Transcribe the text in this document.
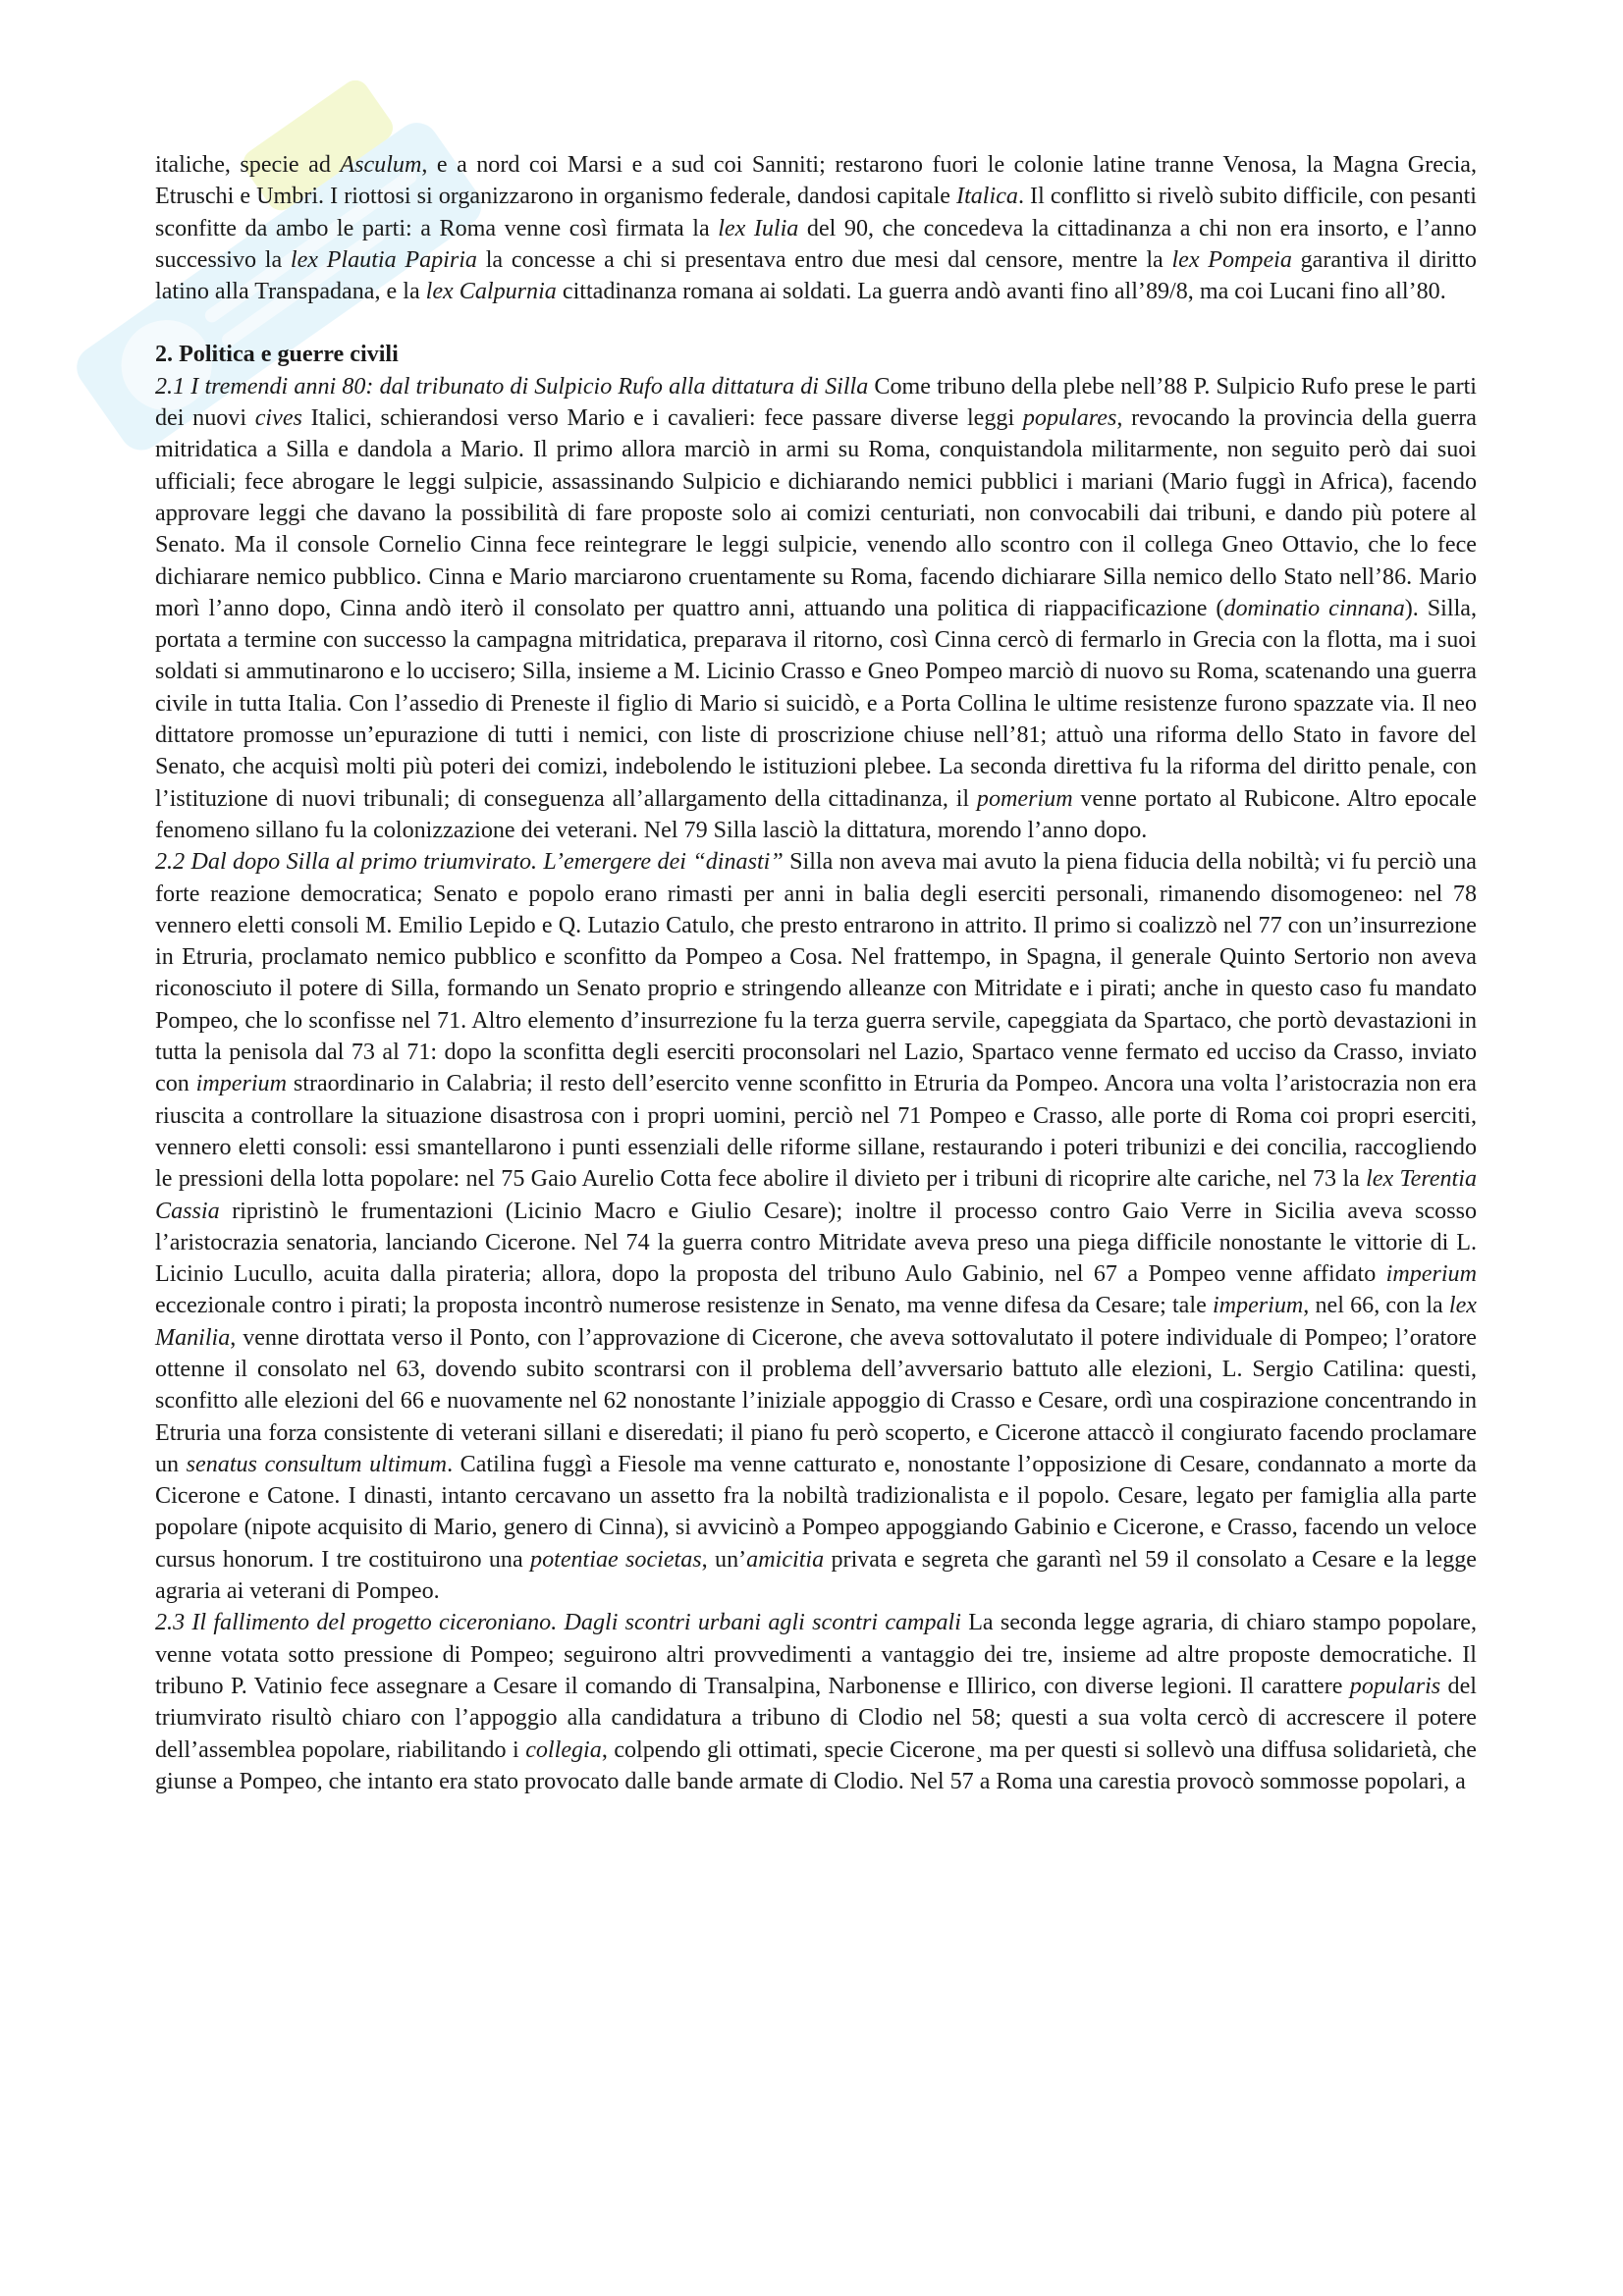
italiche, specie ad Asculum, e a nord coi Marsi e a sud coi Sanniti; restarono fuori le colonie latine tranne Venosa, la Magna Grecia, Etruschi e Umbri. I riottosi si organizzarono in organismo federale, dandosi capitale Italica. Il conflitto si rivelò subito difficile, con pesanti sconfitte da ambo le parti: a Roma venne così firmata la lex Iulia del 90, che concedeva la cittadinanza a chi non era insorto, e l’anno successivo la lex Plautia Papiria la concesse a chi si presentava entro due mesi dal censore, mentre la lex Pompeia garantiva il diritto latino alla Transpadana, e la lex Calpurnia cittadinanza romana ai soldati. La guerra andò avanti fino all’89/8, ma coi Lucani fino all’80.

2. Politica e guerre civili

2.1 I tremendi anni 80: dal tribunato di Sulpicio Rufo alla dittatura di Silla Come tribuno della plebe nell’88 P. Sulpicio Rufo prese le parti dei nuovi cives Italici, schierandosi verso Mario e i cavalieri: fece passare diverse leggi populares, revocando la provincia della guerra mitridatica a Silla e dandola a Mario. Il primo allora marciò in armi su Roma, conquistandola militarmente, non seguito però dai suoi ufficiali; fece abrogare le leggi sulpicie, assassinando Sulpicio e dichiarando nemici pubblici i mariani (Mario fuggì in Africa), facendo approvare leggi che davano la possibilità di fare proposte solo ai comizi centuriati, non convocabili dai tribuni, e dando più potere al Senato. Ma il console Cornelio Cinna fece reintegrare le leggi sulpicie, venendo allo scontro con il collega Gneo Ottavio, che lo fece dichiarare nemico pubblico. Cinna e Mario marciarono cruentamente su Roma, facendo dichiarare Silla nemico dello Stato nell’86. Mario morì l’anno dopo, Cinna andò iterò il consolato per quattro anni, attuando una politica di riappacificazione (dominatio cinnana). Silla, portata a termine con successo la campagna mitridatica, preparava il ritorno, così Cinna cercò di fermarlo in Grecia con la flotta, ma i suoi soldati si ammutinarono e lo uccisero; Silla, insieme a M. Licinio Crasso e Gneo Pompeo marciò di nuovo su Roma, scatenando una guerra civile in tutta Italia. Con l’assedio di Preneste il figlio di Mario si suicidò, e a Porta Collina le ultime resistenze furono spazzate via. Il neo dittatore promosse un’epurazione di tutti i nemici, con liste di proscrizione chiuse nell’81; attuò una riforma dello Stato in favore del Senato, che acquisì molti più poteri dei comizi, indebolendo le istituzioni plebee. La seconda direttiva fu la riforma del diritto penale, con l’istituzione di nuovi tribunali; di conseguenza all’allargamento della cittadinanza, il pomerium venne portato al Rubicone. Altro epocale fenomeno sillano fu la colonizzazione dei veterani. Nel 79 Silla lasciò la dittatura, morendo l’anno dopo.

2.2 Dal dopo Silla al primo triumvirato. L’emergere dei “dinasti” Silla non aveva mai avuto la piena fiducia della nobiltà; vi fu perciò una forte reazione democratica; Senato e popolo erano rimasti per anni in balia degli eserciti personali, rimanendo disomogeneo: nel 78 vennero eletti consoli M. Emilio Lepido e Q. Lutazio Catulo, che presto entrarono in attrito. Il primo si coalizzò nel 77 con un’insurrezione in Etruria, proclamato nemico pubblico e sconfitto da Pompeo a Cosa. Nel frattempo, in Spagna, il generale Quinto Sertorio non aveva riconosciuto il potere di Silla, formando un Senato proprio e stringendo alleanze con Mitridate e i pirati; anche in questo caso fu mandato Pompeo, che lo sconfisse nel 71. Altro elemento d’insurrezione fu la terza guerra servile, capeggiata da Spartaco, che portò devastazioni in tutta la penisola dal 73 al 71: dopo la sconfitta degli eserciti proconsolari nel Lazio, Spartaco venne fermato ed ucciso da Crasso, inviato con imperium straordinario in Calabria; il resto dell’esercito venne sconfitto in Etruria da Pompeo. Ancora una volta l’aristocrazia non era riuscita a controllare la situazione disastrosa con i propri uomini, perciò nel 71 Pompeo e Crasso, alle porte di Roma coi propri eserciti, vennero eletti consoli: essi smantellarono i punti essenziali delle riforme sillane, restaurando i poteri tribunizi e dei concilia, raccogliendo le pressioni della lotta popolare: nel 75 Gaio Aurelio Cotta fece abolire il divieto per i tribuni di ricoprire alte cariche, nel 73 la lex Terentia Cassia ripristinò le frumentazioni (Licinio Macro e Giulio Cesare); inoltre il processo contro Gaio Verre in Sicilia aveva scosso l’aristocrazia senatoria, lanciando Cicerone. Nel 74 la guerra contro Mitridate aveva preso una piega difficile nonostante le vittorie di L. Licinio Lucullo, acuita dalla pirateria; allora, dopo la proposta del tribuno Aulo Gabinio, nel 67 a Pompeo venne affidato imperium eccezionale contro i pirati; la proposta incontrò numerose resistenze in Senato, ma venne difesa da Cesare; tale imperium, nel 66, con la lex Manilia, venne dirottata verso il Ponto, con l’approvazione di Cicerone, che aveva sottovalutato il potere individuale di Pompeo; l’oratore ottenne il consolato nel 63, dovendo subito scontrarsi con il problema dell’avversario battuto alle elezioni, L. Sergio Catilina: questi, sconfitto alle elezioni del 66 e nuovamente nel 62 nonostante l’iniziale appoggio di Crasso e Cesare, ordì una cospirazione concentrando in Etruria una forza consistente di veterani sillani e diseredati; il piano fu però scoperto, e Cicerone attaccò il congiurato facendo proclamare un senatus consultum ultimum. Catilina fuggì a Fiesole ma venne catturato e, nonostante l’opposizione di Cesare, condannato a morte da Cicerone e Catone. I dinasti, intanto cercavano un assetto fra la nobiltà tradizionalista e il popolo. Cesare, legato per famiglia alla parte popolare (nipote acquisito di Mario, genero di Cinna), si avvicinò a Pompeo appoggiando Gabinio e Cicerone, e Crasso, facendo un veloce cursus honorum. I tre costituirono una potentiae societas, un’amicitia privata e segreta che garantì nel 59 il consolato a Cesare e la legge agraria ai veterani di Pompeo.

2.3 Il fallimento del progetto ciceroniano. Dagli scontri urbani agli scontri campali La seconda legge agraria, di chiaro stampo popolare, venne votata sotto pressione di Pompeo; seguirono altri provvedimenti a vantaggio dei tre, insieme ad altre proposte democratiche. Il tribuno P. Vatinio fece assegnare a Cesare il comando di Transalpina, Narbonense e Illirico, con diverse legioni. Il carattere popularis del triumvirato risultò chiaro con l’appoggio alla candidatura a tribuno di Clodio nel 58; questi a sua volta cercò di accrescere il potere dell’assemblea popolare, riabilitando i collegia, colpendo gli ottimati, specie Cicerone¸ ma per questi si sollevò una diffusa solidarietà, che giunse a Pompeo, che intanto era stato provocato dalle bande armate di Clodio. Nel 57 a Roma una carestia provocò sommosse popolari, a
